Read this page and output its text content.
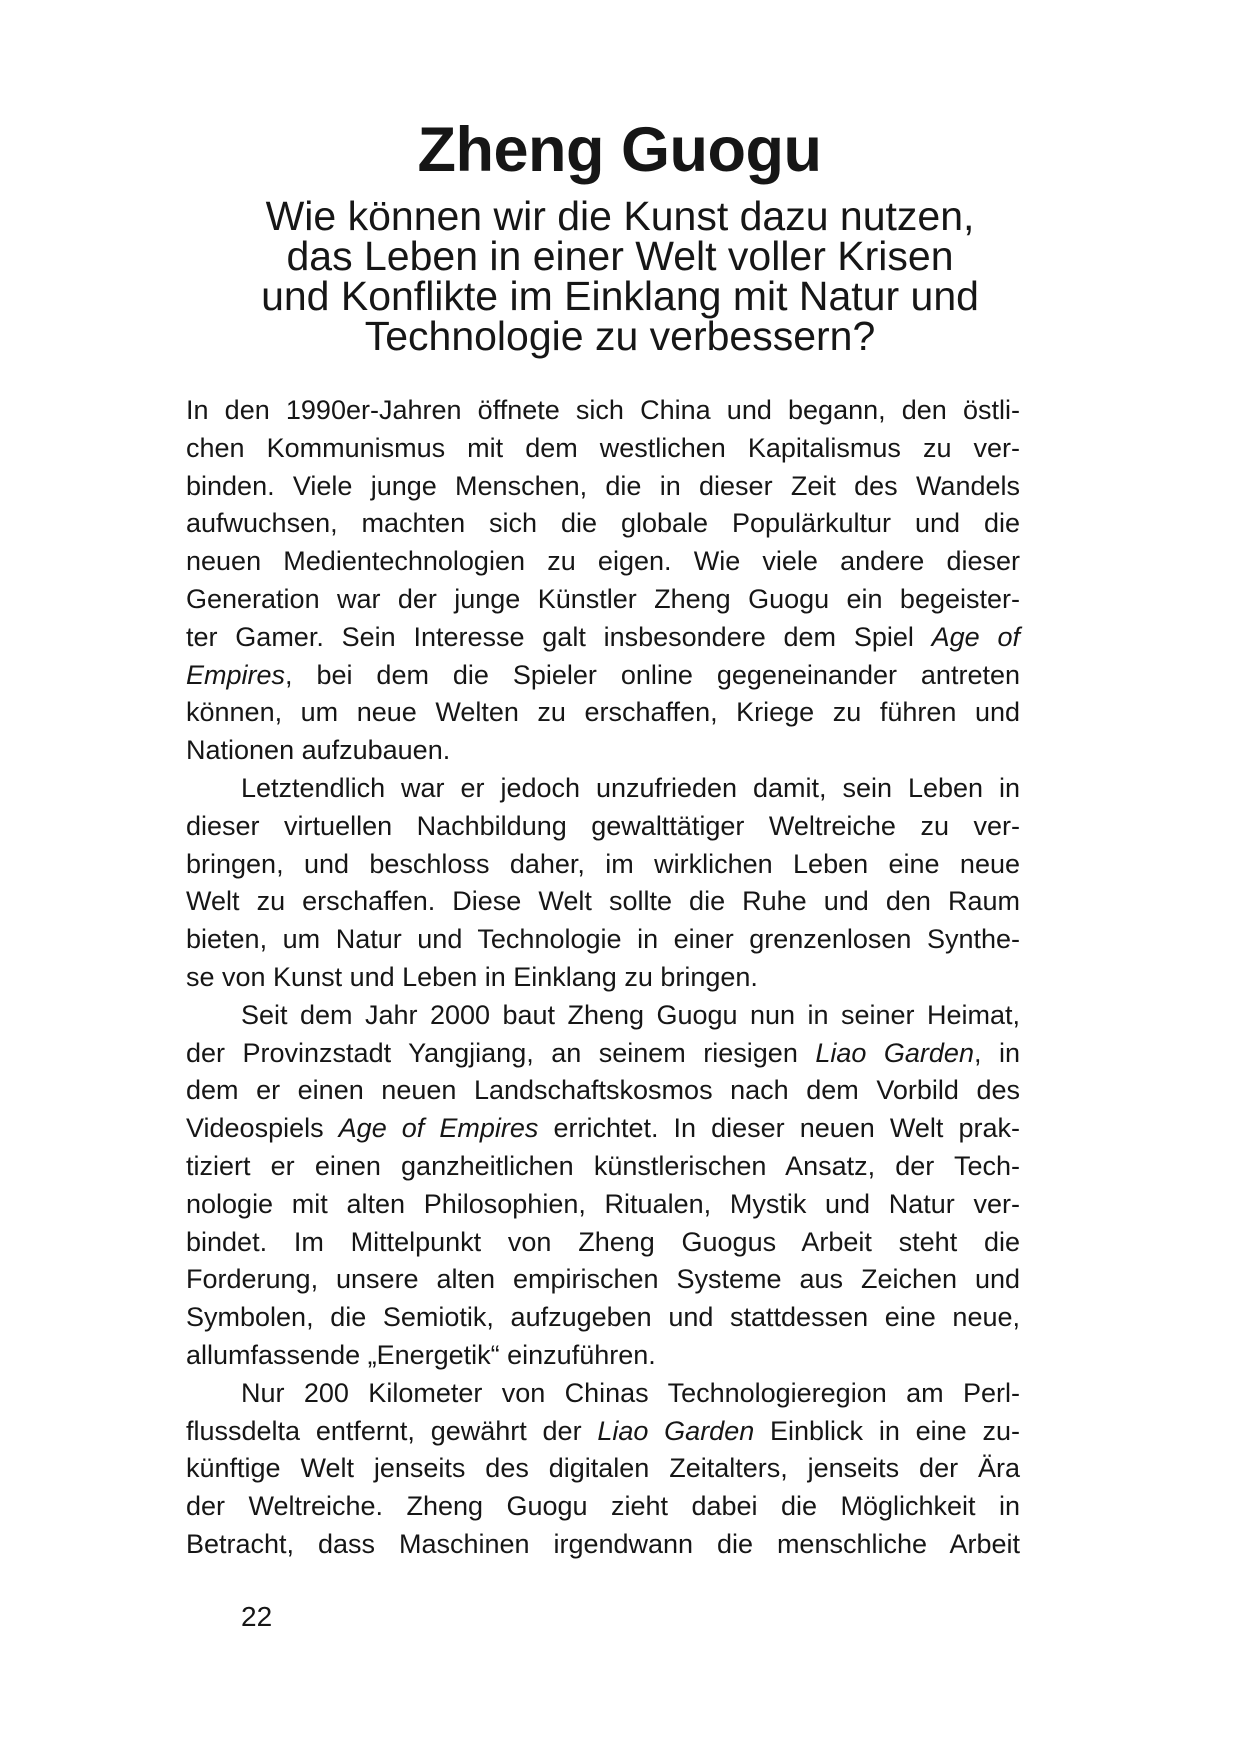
Zheng Guogu
Wie können wir die Kunst dazu nutzen,
das Leben in einer Welt voller Krisen
und Konflikte im Einklang mit Natur und
Technologie zu verbessern?
In den 1990er-Jahren öffnete sich China und begann, den östli-
chen Kommunismus mit dem westlichen Kapitalismus zu ver-
binden. Viele junge Menschen, die in dieser Zeit des Wandels
aufwuchsen, machten sich die globale Populärkultur und die
neuen Medientechnologien zu eigen. Wie viele andere dieser
Generation war der junge Künstler Zheng Guogu ein begeister-
ter Gamer. Sein Interesse galt insbesondere dem Spiel Age of
Empires, bei dem die Spieler online gegeneinander antreten
können, um neue Welten zu erschaffen, Kriege zu führen und
Nationen aufzubauen.
Letztendlich war er jedoch unzufrieden damit, sein Leben in
dieser virtuellen Nachbildung gewalttätiger Weltreiche zu ver-
bringen, und beschloss daher, im wirklichen Leben eine neue
Welt zu erschaffen. Diese Welt sollte die Ruhe und den Raum
bieten, um Natur und Technologie in einer grenzenlosen Synthe-
se von Kunst und Leben in Einklang zu bringen.
Seit dem Jahr 2000 baut Zheng Guogu nun in seiner Heimat,
der Provinzstadt Yangjiang, an seinem riesigen Liao Garden, in
dem er einen neuen Landschaftskosmos nach dem Vorbild des
Videospiels Age of Empires errichtet. In dieser neuen Welt prak-
tiziert er einen ganzheitlichen künstlerischen Ansatz, der Tech-
nologie mit alten Philosophien, Ritualen, Mystik und Natur ver-
bindet. Im Mittelpunkt von Zheng Guogus Arbeit steht die
Forderung, unsere alten empirischen Systeme aus Zeichen und
Symbolen, die Semiotik, aufzugeben und stattdessen eine neue,
allumfassende „Energetik“ einzuführen.
Nur 200 Kilometer von Chinas Technologieregion am Perl-
flussdelta entfernt, gewährt der Liao Garden Einblick in eine zu-
künftige Welt jenseits des digitalen Zeitalters, jenseits der Ära
der Weltreiche. Zheng Guogu zieht dabei die Möglichkeit in
Betracht, dass Maschinen irgendwann die menschliche Arbeit
22
